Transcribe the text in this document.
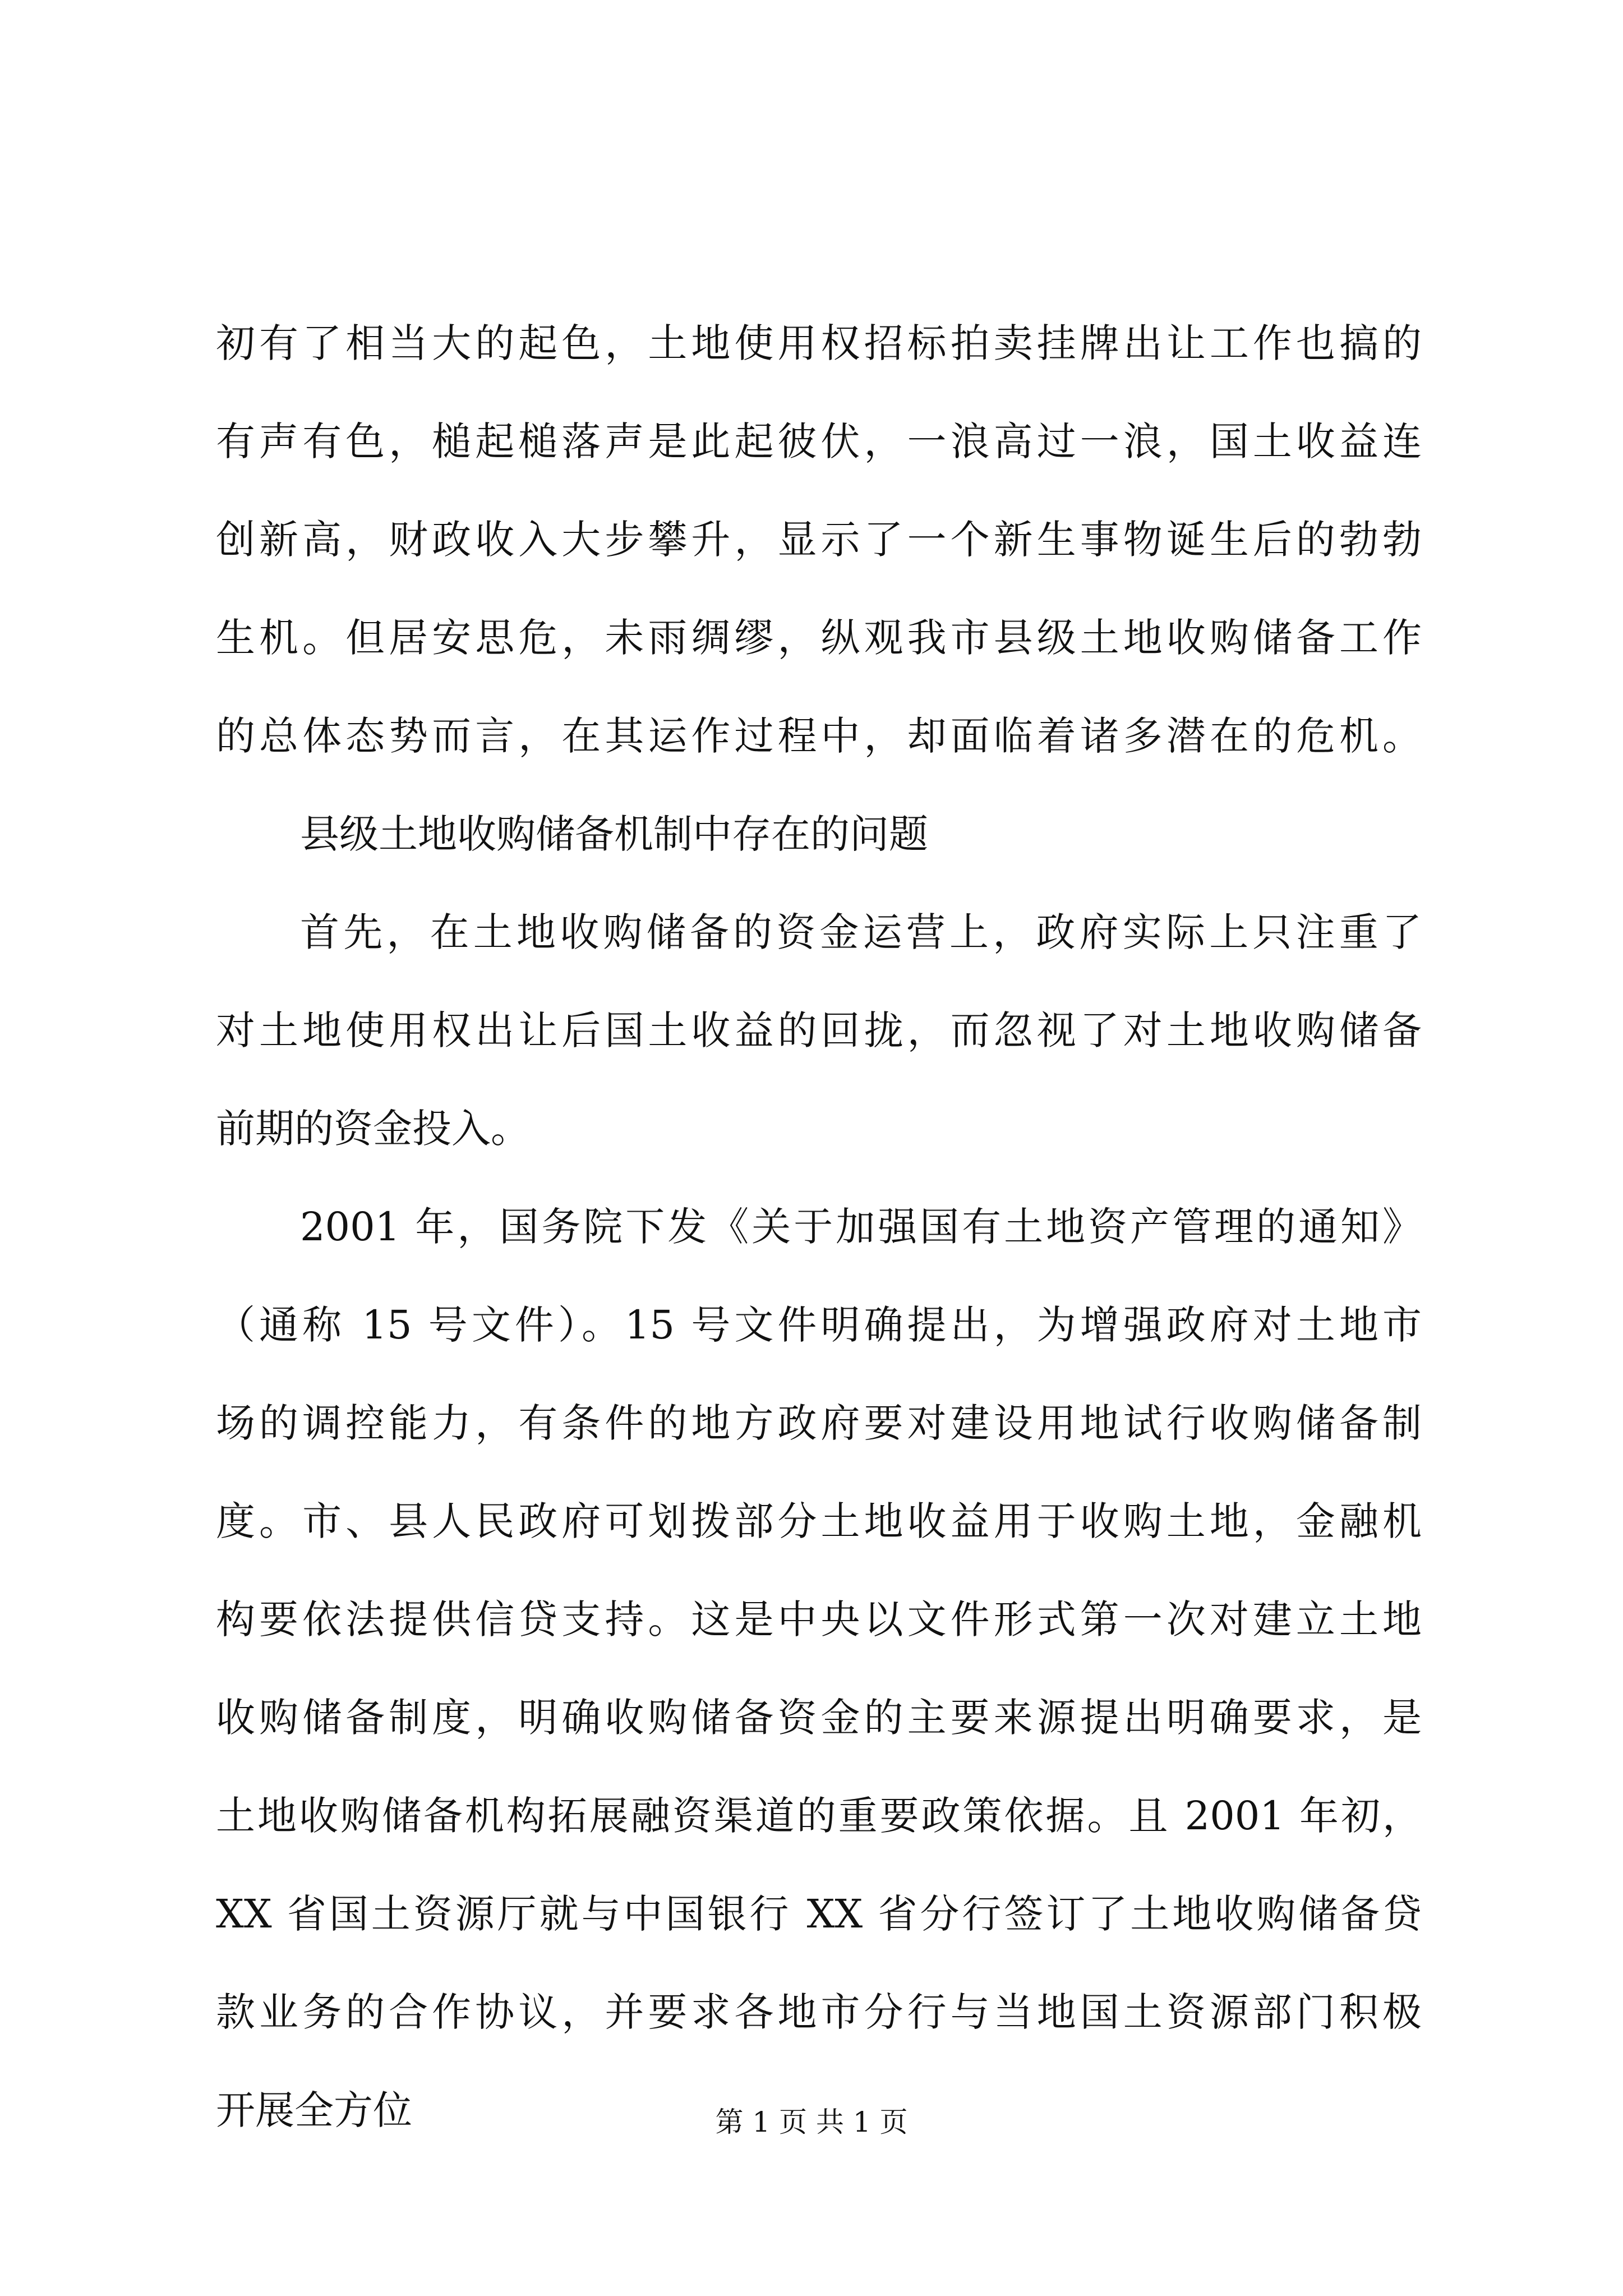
初有了相当大的起色，土地使用权招标拍卖挂牌出让工作也搞的
有声有色，槌起槌落声是此起彼伏，一浪高过一浪，国土收益连
创新高，财政收入大步攀升，显示了一个新生事物诞生后的勃勃
生机。但居安思危，未雨绸缪，纵观我市县级土地收购储备工作
的总体态势而言，在其运作过程中，却面临着诸多潜在的危机。
县级土地收购储备机制中存在的问题
首先，在土地收购储备的资金运营上，政府实际上只注重了
对土地使用权出让后国土收益的回拢，而忽视了对土地收购储备
前期的资金投入。
2001 年，国务院下发《关于加强国有土地资产管理的通知》
（通称 15 号文件）。15 号文件明确提出，为增强政府对土地市
场的调控能力，有条件的地方政府要对建设用地试行收购储备制
度。市、县人民政府可划拨部分土地收益用于收购土地，金融机
构要依法提供信贷支持。这是中央以文件形式第一次对建立土地
收购储备制度，明确收购储备资金的主要来源提出明确要求，是
土地收购储备机构拓展融资渠道的重要政策依据。且 2001 年初，
XX 省国土资源厅就与中国银行 XX 省分行签订了土地收购储备贷
款业务的合作协议，并要求各地市分行与当地国土资源部门积极
开展全方位	第 1 页 共 1 页
